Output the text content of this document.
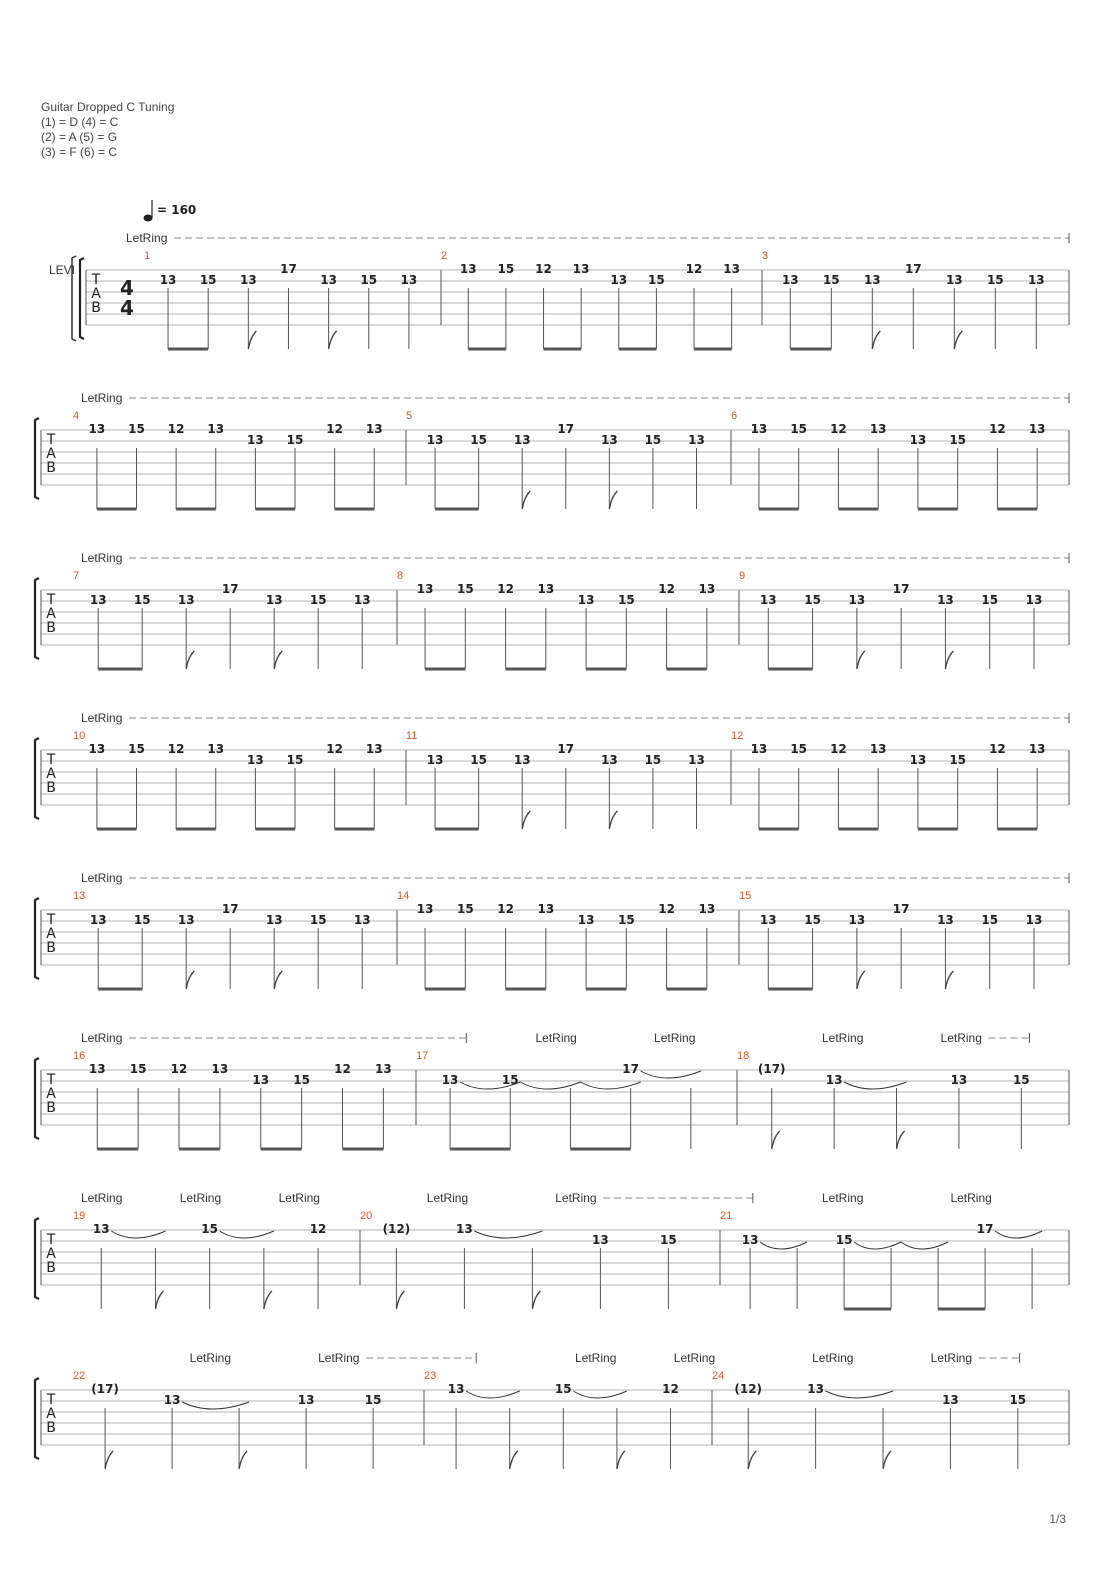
Guitar Dropped C Tuning
(1) = D (4) = C
(2) = A (5) = G
(3) = F (6) = C
= 160
LEVI
T
A
B
4
4
LetRing
1
13 15 13
17
13 15 13
2
13 15 12 13
13 15
12 13
3
13 15 13
17
13 15 13
T
A
B
LetRing
4
13 15 12 13
13 15
12 13
5
13 15 13
17
13 15 13
6
13 15 12 13
13 15
12 13
T
A
B
LetRing
7
13 15 13
17
13 15 13
8
13 15 12 13
13 15
12 13
9
13 15 13
17
13 15 13
T
A
B
LetRing
10
13 15 12 13
13 15
12 13
11
13 15 13
17
13 15 13
12
13 15 12 13
13 15
12 13
T
A
B
LetRing
13
13 15 13
17
13 15 13
14
13 15 12 13
13 15
12 13
15
13 15 13
17
13 15 13
T
A
B
LetRing	LetRing	LetRing	LetRing	LetRing
16
13 15 12 13
13 15
12 13
17
13	15
17
18
(17)
13	13	15
T
A
B
LetRing	LetRing	LetRing	LetRing	LetRing	LetRing	LetRing
19
13	15	12
20
(12)	13
13	15
21
13	15
17
T
A
B
LetRing	LetRing	LetRing	LetRing	LetRing	LetRing
22
(17)
13	13	15
23
13	15	12
24
(12)	13
13	15
1/3
